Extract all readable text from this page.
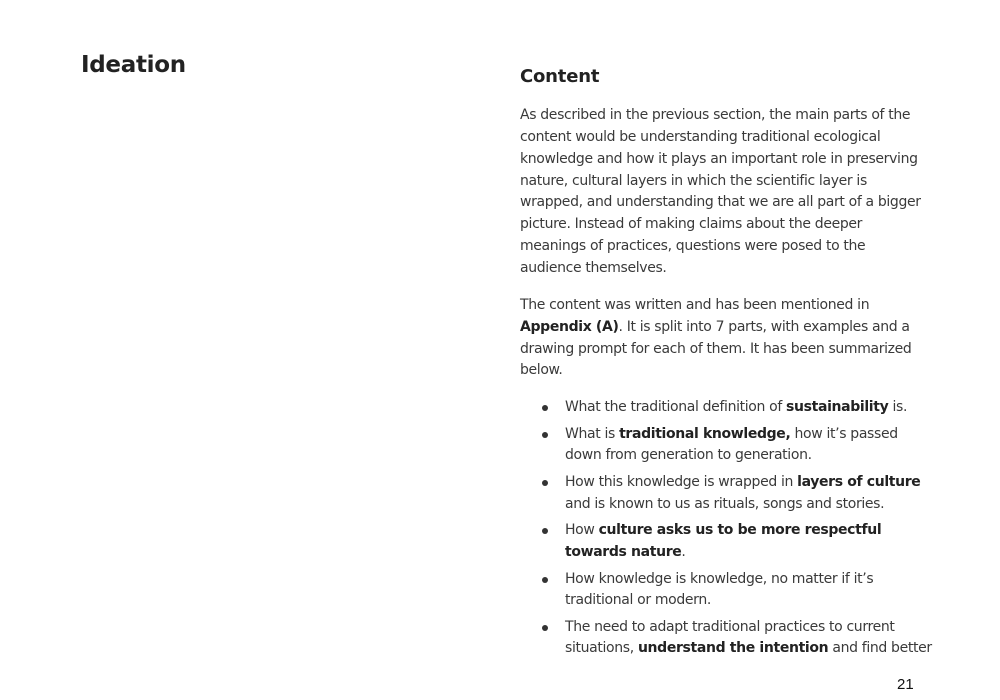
Ideation	Content
As described in the previous section, the main parts of the
content would be understanding traditional ecological
knowledge and how it plays an important role in preserving
nature, cultural layers in which the scientific layer is
wrapped, and understanding that we are all part of a bigger
picture. Instead of making claims about the deeper
meanings of practices, questions were posed to the
audience themselves.
The content was written and has been mentioned in
Appendix (A). It is split into 7 parts, with examples and a
drawing prompt for each of them. It has been summarized
below.
What the traditional definition of sustainability is.
What is traditional knowledge, how it’s passed
down from generation to generation.
How this knowledge is wrapped in layers of culture
and is known to us as rituals, songs and stories.
How culture asks us to be more respectful
towards nature.
How knowledge is knowledge, no matter if it’s
traditional or modern.
The need to adapt traditional practices to current
situations, understand the intention and find better
21
